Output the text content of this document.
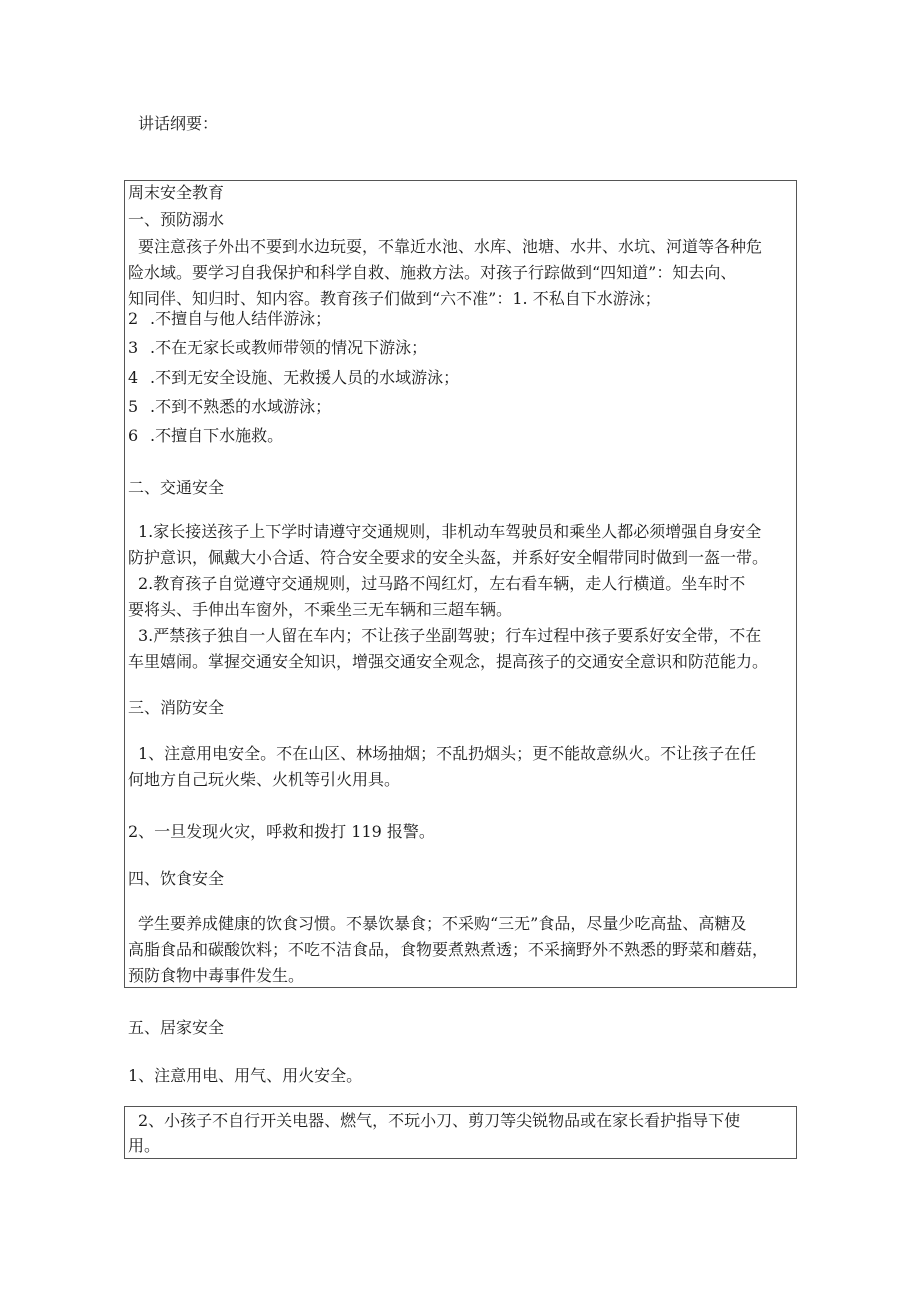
讲话纲要：
周末安全教育
一、预防溺水
要注意孩子外出不要到水边玩耍，不靠近水池、水库、池塘、水井、水坑、河道等各种危
险水域。要学习自我保护和科学自救、施救方法。对孩子行踪做到“四知道”：知去向、
知同伴、知归时、知内容。教育孩子们做到“六不准”：1. 不私自下水游泳；
2 .不擅自与他人结伴游泳；
3 .不在无家长或教师带领的情况下游泳；
4 .不到无安全设施、无救援人员的水域游泳；
5 .不到不熟悉的水域游泳；
6 .不擅自下水施救。
二、交通安全
1.家长接送孩子上下学时请遵守交通规则，非机动车驾驶员和乘坐人都必须增强自身安全
防护意识，佩戴大小合适、符合安全要求的安全头盔，并系好安全帽带同时做到一盔一带。
2.教育孩子自觉遵守交通规则，过马路不闯红灯，左右看车辆，走人行横道。坐车时不
要将头、手伸出车窗外，不乘坐三无车辆和三超车辆。
3.严禁孩子独自一人留在车内；不让孩子坐副驾驶；行车过程中孩子要系好安全带，不在
车里嬉闹。掌握交通安全知识，增强交通安全观念，提高孩子的交通安全意识和防范能力。
三、消防安全
1、注意用电安全。不在山区、林场抽烟；不乱扔烟头；更不能故意纵火。不让孩子在任
何地方自己玩火柴、火机等引火用具。
2、一旦发现火灾，呼救和拨打 119 报警。
四、饮食安全
学生要养成健康的饮食习惯。不暴饮暴食；不采购“三无”食品，尽量少吃高盐、高糖及
高脂食品和碳酸饮料；不吃不洁食品，食物要煮熟煮透；不采摘野外不熟悉的野菜和蘑菇，
预防食物中毒事件发生。
五、居家安全
1、注意用电、用气、用火安全。
2、小孩子不自行开关电器、燃气，不玩小刀、剪刀等尖锐物品或在家长看护指导下使
用。
